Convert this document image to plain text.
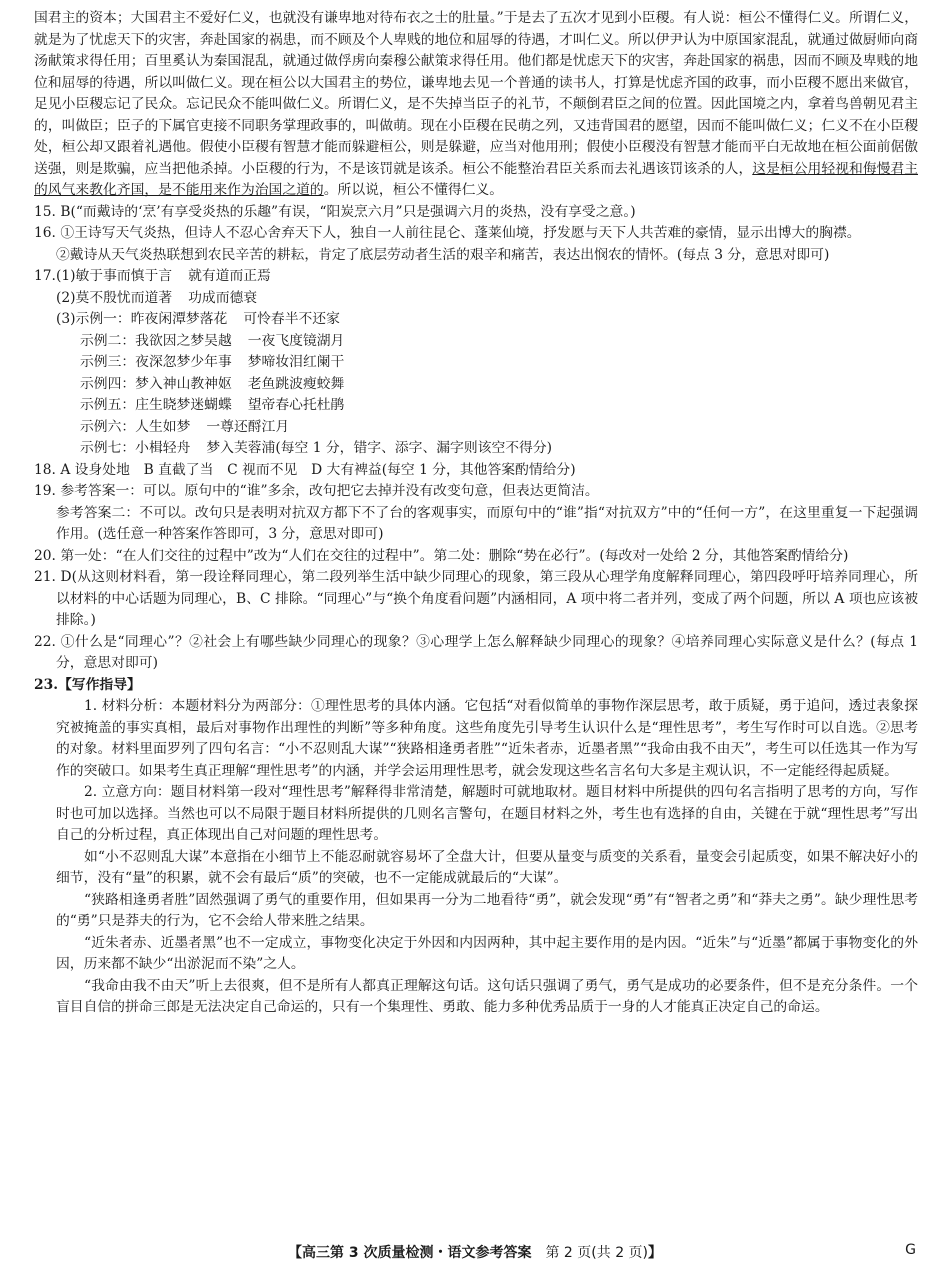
国君主的资本；大国君主不爱好仁义，也就没有谦卑地对待布衣之士的肚量。”于是去了五次才见到小臣稷。有人说：桓公不懂得仁义。所谓仁义，就是为了忧虑天下的灾害，奔赴国家的祸患，而不顾及个人卑贱的地位和屈辱的待遇，才叫仁义。所以伊尹认为中原国家混乱，就通过做厨师向商汤献策求得任用；百里奚认为秦国混乱，就通过做俘虏向秦穆公献策求得任用。他们都是忧虑天下的灾害，奔赴国家的祸患，因而不顾及卑贱的地位和屈辱的待遇，所以叫做仁义。现在桓公以大国君主的势位，谦卑地去见一个普通的读书人，打算是忧虑齐国的政事，而小臣稷不愿出来做官，足见小臣稷忘记了民众。忘记民众不能叫做仁义。所谓仁义，是不失掉当臣子的礼节，不颠倒君臣之间的位置。因此国境之内，拿着鸟兽朝见君主的，叫做臣；臣子的下属官吏接不同职务掌理政事的，叫做萌。现在小臣稷在民萌之列，又违背国君的愿望，因而不能叫做仁义；仁义不在小臣稷处，桓公却又跟着礼遇他。假使小臣稷有智慧才能而躲避桓公，则是躲避，应当对他用刑；假使小臣稷没有智慧才能而平白无故地在桓公面前倨傲送强，则是欺骗，应当把他杀掉。小臣稷的行为，不是该罚就是该杀。桓公不能整治君臣关系而去礼遇该罚该杀的人，这是桓公用轻视和侮慢君主的风气来教化齐国，是不能用来作为治国之道的。所以说，桓公不懂得仁义。

15. B(“而戴诗的‘烹’有享受炎热的乐趣”有误，“阳炭烹六月”只是强调六月的炎热，没有享受之意。)

16. ①王诗写天气炎热，但诗人不忍心舍弃天下人，独自一人前往昆仑、蓬莱仙境，抒发愿与天下人共苦难的豪情，显示出博大的胸襟。

②戴诗从天气炎热联想到农民辛苦的耕耘，肯定了底层劳动者生活的艰辛和痛苦，表达出悯农的情怀。(每点 3 分，意思对即可)

17.(1)敏于事而慎于言 就有道而正焉

(2)莫不殷忧而道著 功成而德衰

(3)示例一：昨夜闲潭梦落花 可怜春半不还家

示例二：我欲因之梦吴越 一夜飞度镜湖月

示例三：夜深忽梦少年事 梦啼妆泪红阑干

示例四：梦入神山教神妪 老鱼跳波瘦蛟舞

示例五：庄生晓梦迷蝴蝶 望帝春心托杜鹃

示例六：人生如梦 一尊还酹江月

示例七：小楫轻舟 梦入芙蓉浦(每空 1 分，错字、添字、漏字则该空不得分)

18. A 设身处地　B 直截了当　C 视而不见　D 大有裨益(每空 1 分，其他答案酌情给分)

19. 参考答案一：可以。原句中的“谁”多余，改句把它去掉并没有改变句意，但表达更简洁。

参考答案二：不可以。改句只是表明对抗双方都下不了台的客观事实，而原句中的“谁”指“对抗双方”中的“任何一方”，在这里重复一下起强调作用。(选任意一种答案作答即可，3 分，意思对即可)

20. 第一处：“在人们交往的过程中”改为“人们在交往的过程中”。第二处：删除“势在必行”。(每改对一处给 2 分，其他答案酌情给分)

21. D(从这则材料看，第一段诠释同理心，第二段列举生活中缺少同理心的现象，第三段从心理学角度解释同理心，第四段呼吁培养同理心，所以材料的中心话题为同理心，B、C 排除。“同理心”与“换个角度看问题”内涵相同，A 项中将二者并列，变成了两个问题，所以 A 项也应该被排除。)

22. ①什么是“同理心”？②社会上有哪些缺少同理心的现象？③心理学上怎么解释缺少同理心的现象？④培养同理心实际意义是什么？(每点 1 分，意思对即可)

23.【写作指导】

1. 材料分析：本题材料分为两部分：①理性思考的具体内涵。它包括“对看似简单的事物作深层思考，敢于质疑，勇于追问，透过表象探究被掩盖的事实真相，最后对事物作出理性的判断”等多种角度。这些角度先引导考生认识什么是“理性思考”，考生写作时可以自选。②思考的对象。材料里面罗列了四句名言：“小不忍则乱大谋”“狭路相逢勇者胜”“近朱者赤，近墨者黑”“我命由我不由天”，考生可以任选其一作为写作的突破口。如果考生真正理解“理性思考”的内涵，并学会运用理性思考，就会发现这些名言名句大多是主观认识，不一定能经得起质疑。

2. 立意方向：题目材料第一段对“理性思考”解释得非常清楚，解题时可就地取材。题目材料中所提供的四句名言指明了思考的方向，写作时也可加以选择。当然也可以不局限于题目材料所提供的几则名言警句，在题目材料之外，考生也有选择的自由，关键在于就“理性思考”写出自己的分析过程，真正体现出自己对问题的理性思考。

如“小不忍则乱大谋”本意指在小细节上不能忍耐就容易坏了全盘大计，但要从量变与质变的关系看，量变会引起质变，如果不解决好小的细节，没有“量”的积累，就不会有最后“质”的突破，也不一定能成就最后的“大谋”。

“狭路相逢勇者胜”固然强调了勇气的重要作用，但如果再一分为二地看待“勇”，就会发现“勇”有“智者之勇”和“莽夫之勇”。缺少理性思考的“勇”只是莽夫的行为，它不会给人带来胜之结果。

“近朱者赤、近墨者黑”也不一定成立，事物变化决定于外因和内因两种，其中起主要作用的是内因。“近朱”与“近墨”都属于事物变化的外因，历来都不缺少“出淤泥而不染”之人。

“我命由我不由天”听上去很爽，但不是所有人都真正理解这句话。这句话只强调了勇气，勇气是成功的必要条件，但不是充分条件。一个盲目自信的拼命三郎是无法决定自己命运的，只有一个集理性、勇敢、能力多种优秀品质于一身的人才能真正决定自己的命运。

【高三第 3 次质量检测・语文参考答案　 第 2 页(共 2 页)】	G
